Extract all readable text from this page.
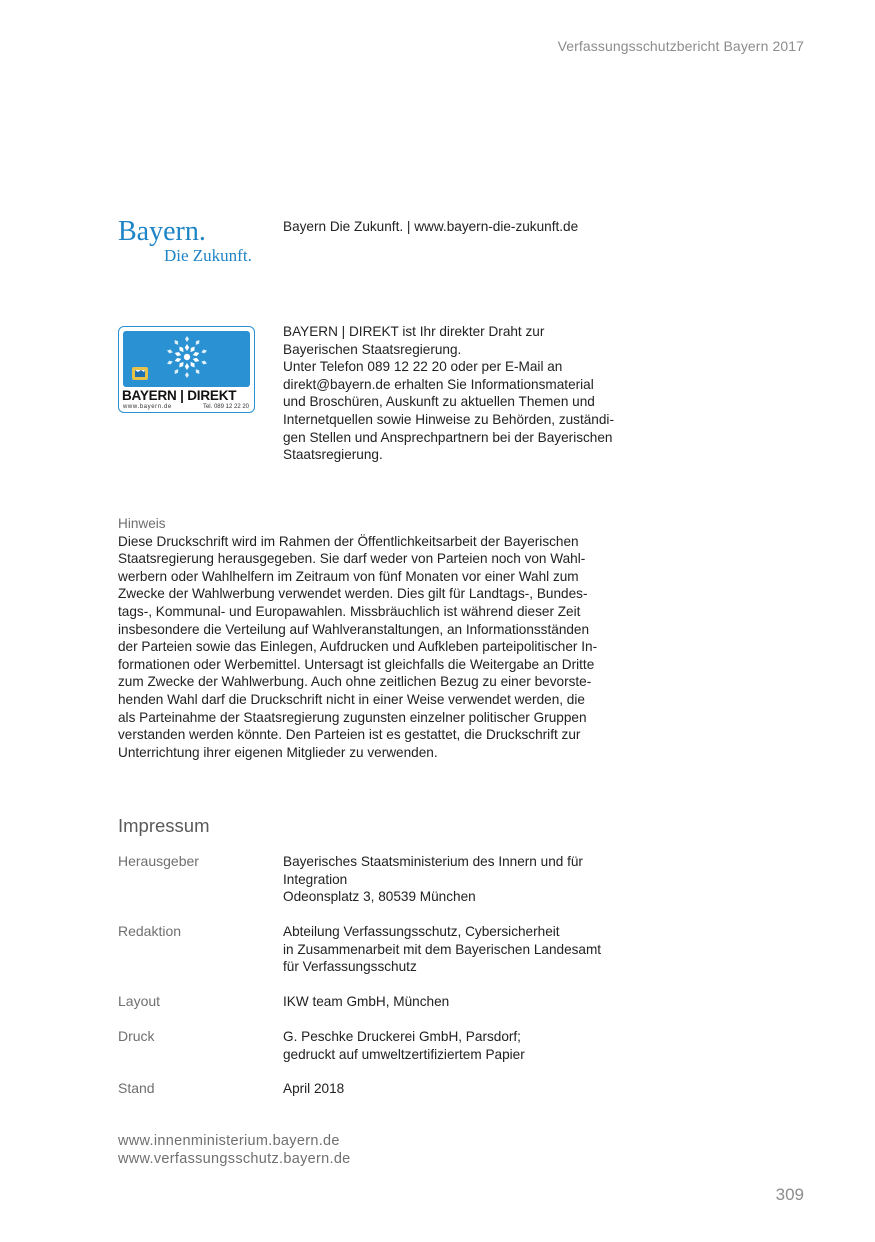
Verfassungsschutzbericht Bayern 2017
Bayern.
Die Zukunft.
Bayern Die Zukunft. | www.bayern-die-zukunft.de
BAYERN | DIREKT
www.bayern.de	Tel. 089 12 22 20
BAYERN | DIREKT ist Ihr direkter Draht zur
Bayerischen Staatsregierung.
Unter Telefon 089 12 22 20 oder per E-Mail an
direkt@bayern.de erhalten Sie Informationsmaterial
und Broschüren, Auskunft zu aktuellen Themen und
Internetquellen sowie Hinweise zu Behörden, zuständi-
gen Stellen und Ansprechpartnern bei der Bayerischen
Staatsregierung.
Hinweis
Diese Druckschrift wird im Rahmen der Öffentlichkeitsarbeit der Bayerischen
Staatsregierung herausgegeben. Sie darf weder von Parteien noch von Wahl-
werbern oder Wahlhelfern im Zeitraum von fünf Monaten vor einer Wahl zum
Zwecke der Wahlwerbung verwendet werden. Dies gilt für Landtags-, Bundes-
tags-, Kommunal- und Europawahlen. Missbräuchlich ist während dieser Zeit
insbesondere die Verteilung auf Wahlveranstaltungen, an Informationsständen
der Parteien sowie das Einlegen, Aufdrucken und Aufkleben parteipolitischer In-
formationen oder Werbemittel. Untersagt ist gleichfalls die Weitergabe an Dritte
zum Zwecke der Wahlwerbung. Auch ohne zeitlichen Bezug zu einer bevorste-
henden Wahl darf die Druckschrift nicht in einer Weise verwendet werden, die
als Parteinahme der Staatsregierung zugunsten einzelner politischer Gruppen
verstanden werden könnte. Den Parteien ist es gestattet, die Druckschrift zur
Unterrichtung ihrer eigenen Mitglieder zu verwenden.
Impressum
Herausgeber	Bayerisches Staatsministerium des Innern und für
Integration
Odeonsplatz 3, 80539 München
Redaktion	Abteilung Verfassungsschutz, Cybersicherheit
in Zusammenarbeit mit dem Bayerischen Landesamt
für Verfassungsschutz
Layout	IKW team GmbH, München
Druck	G. Peschke Druckerei GmbH, Parsdorf;
gedruckt auf umweltzertifiziertem Papier
Stand	April 2018
www.innenministerium.bayern.de
www.verfassungsschutz.bayern.de
309
